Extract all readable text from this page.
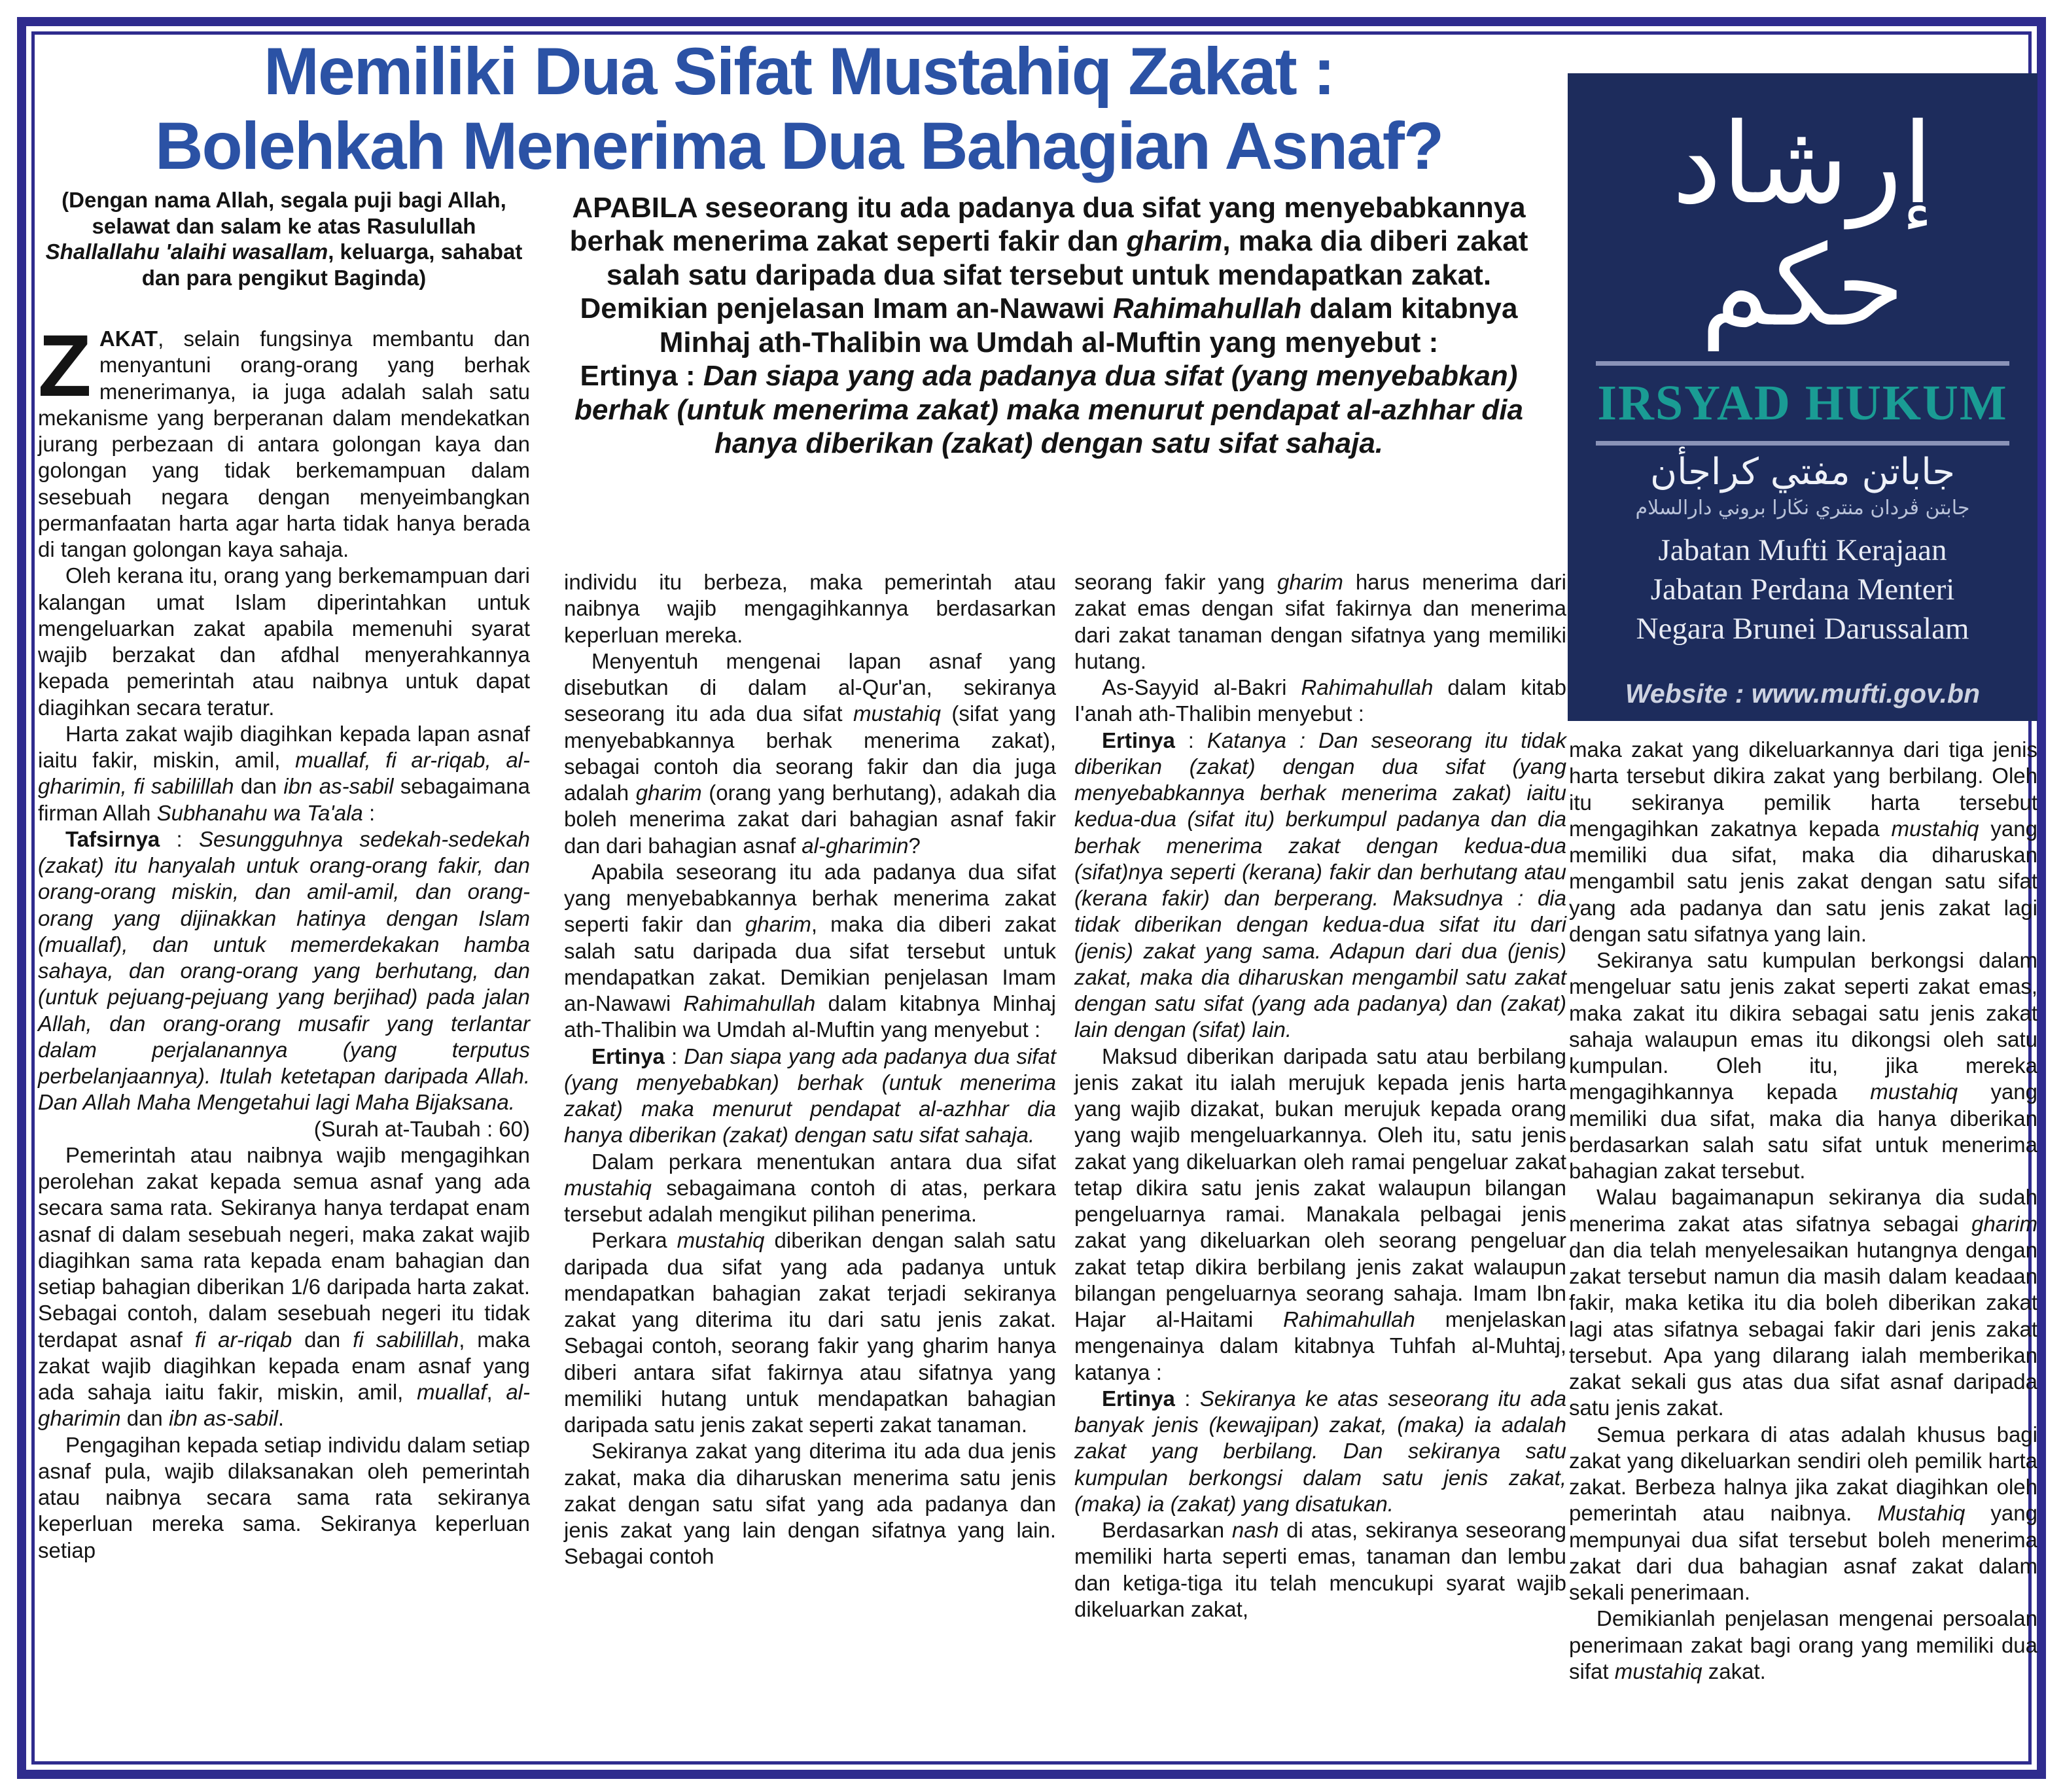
Memiliki Dua Sifat Mustahiq Zakat :
Bolehkah Menerima Dua Bahagian Asnaf?
(Dengan nama Allah, segala puji bagi Allah, selawat dan salam ke atas Rasulullah Shallallahu 'alaihi wasallam, keluarga, sahabat dan para pengikut Baginda)

APABILA seseorang itu ada padanya dua sifat yang menyebabkannya berhak menerima zakat seperti fakir dan gharim, maka dia diberi zakat salah satu daripada dua sifat tersebut untuk mendapatkan zakat. Demikian penjelasan Imam an-Nawawi Rahimahullah dalam kitabnya Minhaj ath-Thalibin wa Umdah al-Muftin yang menyebut :

Ertinya : Dan siapa yang ada padanya dua sifat (yang menyebabkan) berhak (untuk menerima zakat) maka menurut pendapat al-azhhar dia hanya diberikan (zakat) dengan satu sifat sahaja.

إرشاد حكم
IRSYAD HUKUM
جاباتن مفتي كراجأن
جابتن ڤردان منتري نڬارا بروني دارالسلام
Jabatan Mufti Kerajaan
Jabatan Perdana Menteri
Negara Brunei Darussalam
Website : www.mufti.gov.bn

ZAKAT, selain fungsinya membantu dan menyantuni orang-orang yang berhak menerimanya, ia juga adalah salah satu mekanisme yang berperanan dalam mendekatkan jurang perbezaan di antara golongan kaya dan golongan yang tidak berkemampuan dalam sesebuah negara dengan menyeimbangkan permanfaatan harta agar harta tidak hanya berada di tangan golongan kaya sahaja.

Oleh kerana itu, orang yang berkemampuan dari kalangan umat Islam diperintahkan untuk mengeluarkan zakat apabila memenuhi syarat wajib berzakat dan afdhal menyerahkannya kepada pemerintah atau naibnya untuk dapat diagihkan secara teratur.

Harta zakat wajib diagihkan kepada lapan asnaf iaitu fakir, miskin, amil, muallaf, fi ar-riqab, al-gharimin, fi sabilillah dan ibn as-sabil sebagaimana firman Allah Subhanahu wa Ta'ala :

Tafsirnya : Sesungguhnya sedekah-sedekah (zakat) itu hanyalah untuk orang-orang fakir, dan orang-orang miskin, dan amil-amil, dan orang-orang yang dijinakkan hatinya dengan Islam (muallaf), dan untuk memerdekakan hamba sahaya, dan orang-orang yang berhutang, dan (untuk pejuang-pejuang yang berjihad) pada jalan Allah, dan orang-orang musafir yang terlantar dalam perjalanannya (yang terputus perbelanjaannya). Itulah ketetapan daripada Allah. Dan Allah Maha Mengetahui lagi Maha Bijaksana.

(Surah at-Taubah : 60)

Pemerintah atau naibnya wajib mengagihkan perolehan zakat kepada semua asnaf yang ada secara sama rata. Sekiranya hanya terdapat enam asnaf di dalam sesebuah negeri, maka zakat wajib diagihkan sama rata kepada enam bahagian dan setiap bahagian diberikan 1/6 daripada harta zakat. Sebagai contoh, dalam sesebuah negeri itu tidak terdapat asnaf fi ar-riqab dan fi sabilillah, maka zakat wajib diagihkan kepada enam asnaf yang ada sahaja iaitu fakir, miskin, amil, muallaf, al-gharimin dan ibn as-sabil.

Pengagihan kepada setiap individu dalam setiap asnaf pula, wajib dilaksanakan oleh pemerintah atau naibnya secara sama rata sekiranya keperluan mereka sama. Sekiranya keperluan setiap

individu itu berbeza, maka pemerintah atau naibnya wajib mengagihkannya berdasarkan keperluan mereka.

Menyentuh mengenai lapan asnaf yang disebutkan di dalam al-Qur'an, sekiranya seseorang itu ada dua sifat mustahiq (sifat yang menyebabkannya berhak menerima zakat), sebagai contoh dia seorang fakir dan dia juga adalah gharim (orang yang berhutang), adakah dia boleh menerima zakat dari bahagian asnaf fakir dan dari bahagian asnaf al-gharimin?

Apabila seseorang itu ada padanya dua sifat yang menyebabkannya berhak menerima zakat seperti fakir dan gharim, maka dia diberi zakat salah satu daripada dua sifat tersebut untuk mendapatkan zakat. Demikian penjelasan Imam an-Nawawi Rahimahullah dalam kitabnya Minhaj ath-Thalibin wa Umdah al-Muftin yang menyebut :

Ertinya : Dan siapa yang ada padanya dua sifat (yang menyebabkan) berhak (untuk menerima zakat) maka menurut pendapat al-azhhar dia hanya diberikan (zakat) dengan satu sifat sahaja.

Dalam perkara menentukan antara dua sifat mustahiq sebagaimana contoh di atas, perkara tersebut adalah mengikut pilihan penerima.

Perkara mustahiq diberikan dengan salah satu daripada dua sifat yang ada padanya untuk mendapatkan bahagian zakat terjadi sekiranya zakat yang diterima itu dari satu jenis zakat. Sebagai contoh, seorang fakir yang gharim hanya diberi antara sifat fakirnya atau sifatnya yang memiliki hutang untuk mendapatkan bahagian daripada satu jenis zakat seperti zakat tanaman.

Sekiranya zakat yang diterima itu ada dua jenis zakat, maka dia diharuskan menerima satu jenis zakat dengan satu sifat yang ada padanya dan jenis zakat yang lain dengan sifatnya yang lain. Sebagai contoh

seorang fakir yang gharim harus menerima dari zakat emas dengan sifat fakirnya dan menerima dari zakat tanaman dengan sifatnya yang memiliki hutang.

As-Sayyid al-Bakri Rahimahullah dalam kitab I'anah ath-Thalibin menyebut :

Ertinya : Katanya : Dan seseorang itu tidak diberikan (zakat) dengan dua sifat (yang menyebabkannya berhak menerima zakat) iaitu kedua-dua (sifat itu) berkumpul padanya dan dia berhak menerima zakat dengan kedua-dua (sifat)nya seperti (kerana) fakir dan berhutang atau (kerana fakir) dan berperang. Maksudnya : dia tidak diberikan dengan kedua-dua sifat itu dari (jenis) zakat yang sama. Adapun dari dua (jenis) zakat, maka dia diharuskan mengambil satu zakat dengan satu sifat (yang ada padanya) dan (zakat) lain dengan (sifat) lain.

Maksud diberikan daripada satu atau berbilang jenis zakat itu ialah merujuk kepada jenis harta yang wajib dizakat, bukan merujuk kepada orang yang wajib mengeluarkannya. Oleh itu, satu jenis zakat yang dikeluarkan oleh ramai pengeluar zakat tetap dikira satu jenis zakat walaupun bilangan pengeluarnya ramai. Manakala pelbagai jenis zakat yang dikeluarkan oleh seorang pengeluar zakat tetap dikira berbilang jenis zakat walaupun bilangan pengeluarnya seorang sahaja. Imam Ibn Hajar al-Haitami Rahimahullah menjelaskan mengenainya dalam kitabnya Tuhfah al-Muhtaj, katanya :

Ertinya : Sekiranya ke atas seseorang itu ada banyak jenis (kewajipan) zakat, (maka) ia adalah zakat yang berbilang. Dan sekiranya satu kumpulan berkongsi dalam satu jenis zakat, (maka) ia (zakat) yang disatukan.

Berdasarkan nash di atas, sekiranya seseorang memiliki harta seperti emas, tanaman dan lembu dan ketiga-tiga itu telah mencukupi syarat wajib dikeluarkan zakat,

maka zakat yang dikeluarkannya dari tiga jenis harta tersebut dikira zakat yang berbilang. Oleh itu sekiranya pemilik harta tersebut mengagihkan zakatnya kepada mustahiq yang memiliki dua sifat, maka dia diharuskan mengambil satu jenis zakat dengan satu sifat yang ada padanya dan satu jenis zakat lagi dengan satu sifatnya yang lain.

Sekiranya satu kumpulan berkongsi dalam mengeluar satu jenis zakat seperti zakat emas, maka zakat itu dikira sebagai satu jenis zakat sahaja walaupun emas itu dikongsi oleh satu kumpulan. Oleh itu, jika mereka mengagihkannya kepada mustahiq yang memiliki dua sifat, maka dia hanya diberikan berdasarkan salah satu sifat untuk menerima bahagian zakat tersebut.

Walau bagaimanapun sekiranya dia sudah menerima zakat atas sifatnya sebagai gharim dan dia telah menyelesaikan hutangnya dengan zakat tersebut namun dia masih dalam keadaan fakir, maka ketika itu dia boleh diberikan zakat lagi atas sifatnya sebagai fakir dari jenis zakat tersebut. Apa yang dilarang ialah memberikan zakat sekali gus atas dua sifat asnaf daripada satu jenis zakat.

Semua perkara di atas adalah khusus bagi zakat yang dikeluarkan sendiri oleh pemilik harta zakat. Berbeza halnya jika zakat diagihkan oleh pemerintah atau naibnya. Mustahiq yang mempunyai dua sifat tersebut boleh menerima zakat dari dua bahagian asnaf zakat dalam sekali penerimaan.

Demikianlah penjelasan mengenai persoalan penerimaan zakat bagi orang yang memiliki dua sifat mustahiq zakat.
